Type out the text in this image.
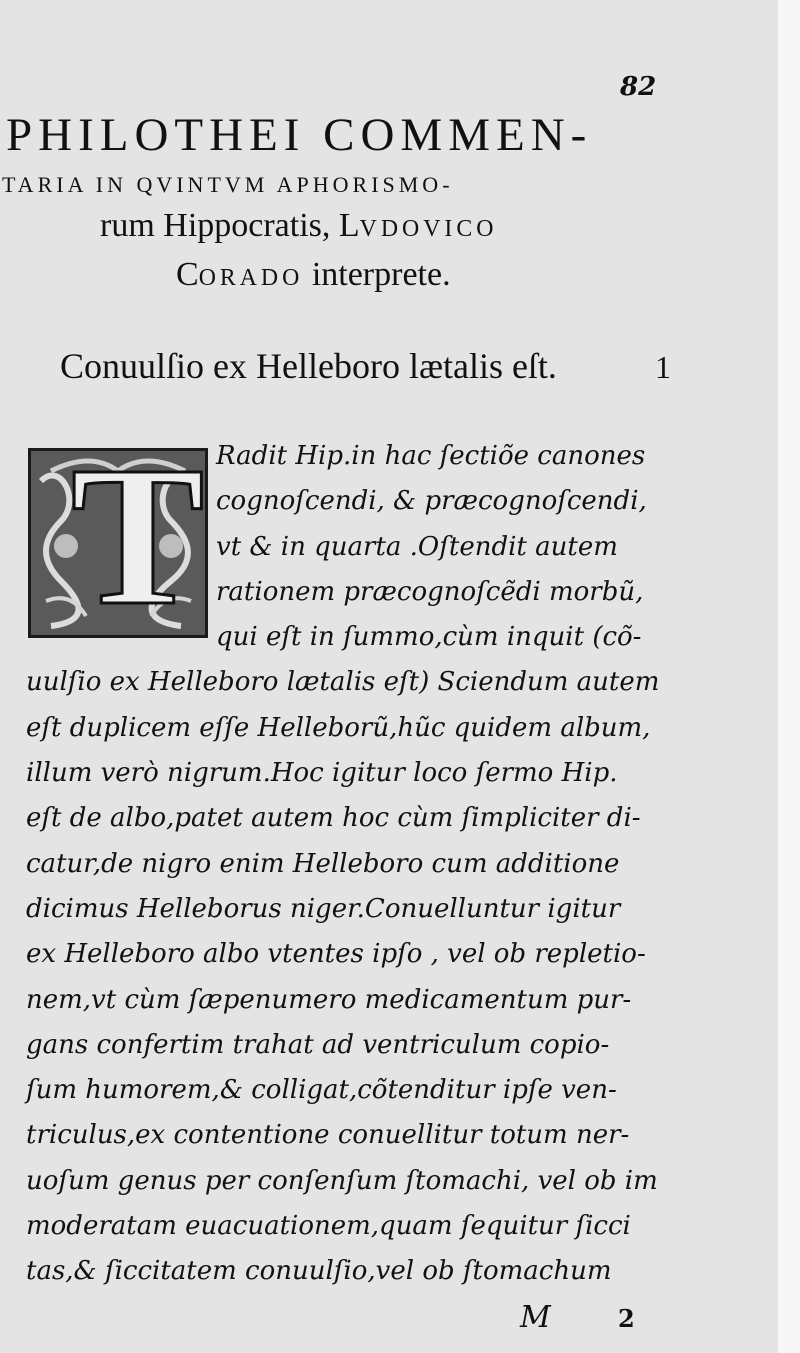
82
PHILOTHEI COMMEN-
TARIA IN QVINTVM APHORISMO-
rum Hippocratis, LVDOVICO
CORADO interprete.
Conuulſio ex Helleboro lætalis eſt.	1
T Radit Hip.in hac ſectiõe canones
cognoſcendi, & præcognoſcendi,
vt & in quarta .Oſtendit autem
rationem præcognoſcẽdi morbũ,
qui eſt in ſummo,cùm inquit (cõ-
uulſio ex Helleboro lætalis eſt) Sciendum autem
eſt duplicem eſſe Helleborũ,hũc quidem album,
illum verò nigrum.Hoc igitur loco ſermo Hip.
eſt de albo,patet autem hoc cùm ſimpliciter di-
catur,de nigro enim Helleboro cum additione
dicimus Helleborus niger.Conuelluntur igitur
ex Helleboro albo vtentes ipſo , vel ob repletio-
nem,vt cùm ſæpenumero medicamentum pur-
gans confertim trahat ad ventriculum copio-
ſum humorem,& colligat,cõtenditur ipſe ven-
triculus,ex contentione conuellitur totum ner-
uoſum genus per conſenſum ſtomachi, vel ob im
moderatam euacuationem,quam ſequitur ſicci
tas,& ſiccitatem conuulſio,vel ob ſtomachum
M	2
